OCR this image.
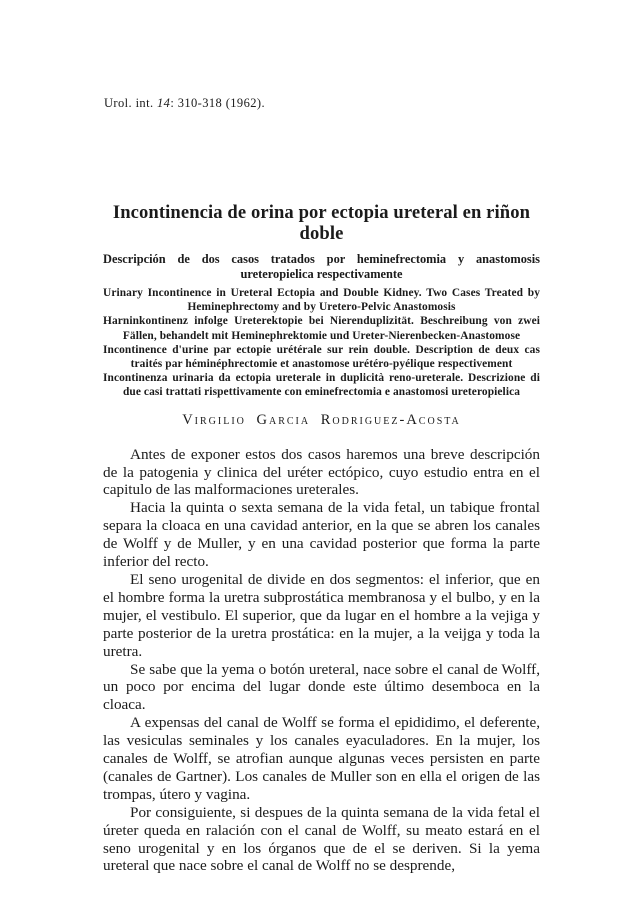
Urol. int. 14: 310-318 (1962).
Incontinencia de orina por ectopia ureteral en riñon doble

Descripción de dos casos tratados por heminefrectomia y anastomosis ureteropielica respectivamente

Urinary Incontinence in Ureteral Ectopia and Double Kidney. Two Cases Treated by Heminephrectomy and by Uretero-Pelvic Anastomosis

Harninkontinenz infolge Ureterektopie bei Nierenduplizität. Beschreibung von zwei Fällen, behandelt mit Heminephrektomie und Ureter-Nierenbecken-Anastomose

Incontinence d'urine par ectopie urétérale sur rein double. Description de deux cas traités par héminéphrectomie et anastomose urétéro-pyélique respectivement

Incontinenza urinaria da ectopia ureterale in duplicità reno-ureterale. Descrizione di due casi trattati rispettivamente con eminefrectomia e anastomosi ureteropielica

Virgilio Garcia Rodriguez-Acosta

Antes de exponer estos dos casos haremos una breve descripción de la patogenia y clinica del uréter ectópico, cuyo estudio entra en el capitulo de las malformaciones ureterales.

Hacia la quinta o sexta semana de la vida fetal, un tabique frontal separa la cloaca en una cavidad anterior, en la que se abren los canales de Wolff y de Muller, y en una cavidad posterior que forma la parte inferior del recto.

El seno urogenital de divide en dos segmentos: el inferior, que en el hombre forma la uretra subprostática membranosa y el bulbo, y en la mujer, el vestibulo. El superior, que da lugar en el hombre a la vejiga y parte posterior de la uretra prostática: en la mujer, a la veijga y toda la uretra.

Se sabe que la yema o botón ureteral, nace sobre el canal de Wolff, un poco por encima del lugar donde este último desemboca en la cloaca.

A expensas del canal de Wolff se forma el epididimo, el deferente, las vesiculas seminales y los canales eyaculadores. En la mujer, los canales de Wolff, se atrofian aunque algunas veces persisten en parte (canales de Gartner). Los canales de Muller son en ella el origen de las trompas, útero y vagina.

Por consiguiente, si despues de la quinta semana de la vida fetal el úreter queda en ralación con el canal de Wolff, su meato estará en el seno urogenital y en los órganos que de el se deriven. Si la yema ureteral que nace sobre el canal de Wolff no se desprende,
